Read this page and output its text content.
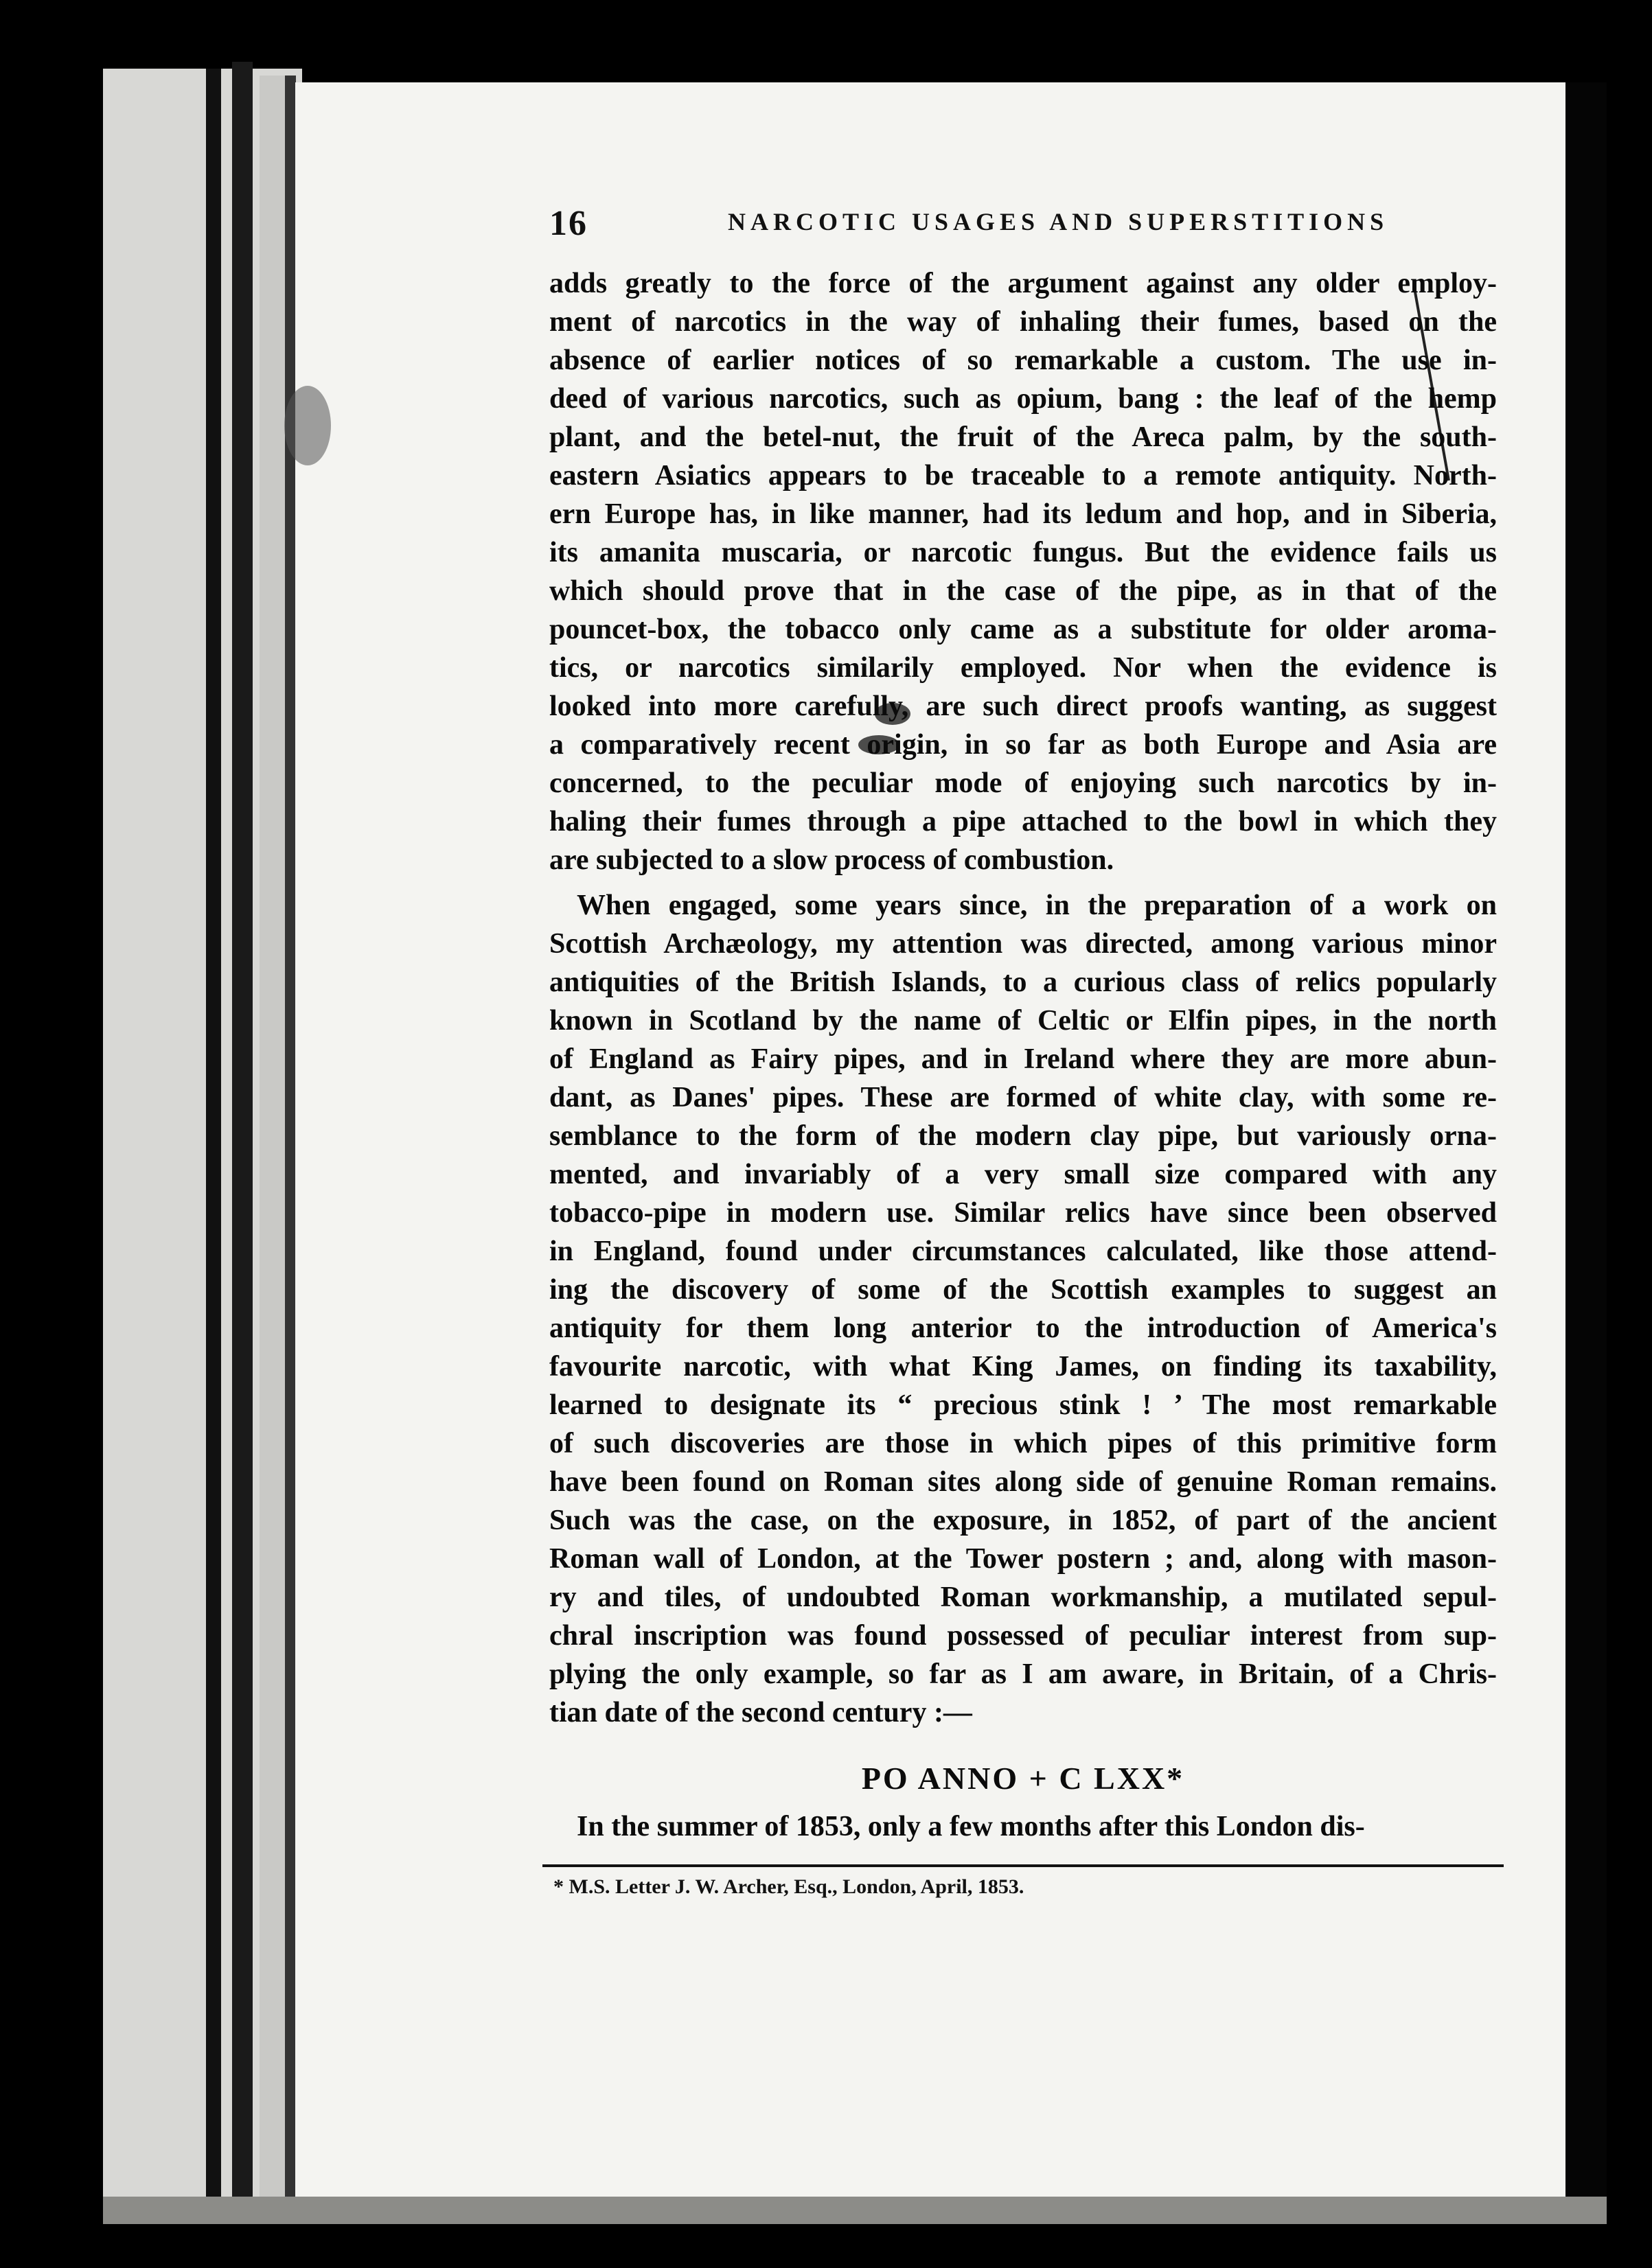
16	NARCOTIC USAGES AND SUPERSTITIONS
adds greatly to the force of the argument against any older employ-
ment of narcotics in the way of inhaling their fumes, based on the
absence of earlier notices of so remarkable a custom. The use in-
deed of various narcotics, such as opium, bang : the leaf of the hemp
plant, and the betel-nut, the fruit of the Areca palm, by the south-
eastern Asiatics appears to be traceable to a remote antiquity. North-
ern Europe has, in like manner, had its ledum and hop, and in Siberia,
its amanita muscaria, or narcotic fungus. But the evidence fails us
which should prove that in the case of the pipe, as in that of the
pouncet-box, the tobacco only came as a substitute for older aroma-
tics, or narcotics similarily employed. Nor when the evidence is
looked into more carefully, are such direct proofs wanting, as suggest
a comparatively recent origin, in so far as both Europe and Asia are
concerned, to the peculiar mode of enjoying such narcotics by in-
haling their fumes through a pipe attached to the bowl in which they
are subjected to a slow process of combustion.
When engaged, some years since, in the preparation of a work on
Scottish Archæology, my attention was directed, among various minor
antiquities of the British Islands, to a curious class of relics popularly
known in Scotland by the name of Celtic or Elfin pipes, in the north
of England as Fairy pipes, and in Ireland where they are more abun-
dant, as Danes' pipes. These are formed of white clay, with some re-
semblance to the form of the modern clay pipe, but variously orna-
mented, and invariably of a very small size compared with any
tobacco-pipe in modern use. Similar relics have since been observed
in England, found under circumstances calculated, like those attend-
ing the discovery of some of the Scottish examples to suggest an
antiquity for them long anterior to the introduction of America's
favourite narcotic, with what King James, on finding its taxability,
learned to designate its “ precious stink ! ’ The most remarkable
of such discoveries are those in which pipes of this primitive form
have been found on Roman sites along side of genuine Roman remains.
Such was the case, on the exposure, in 1852, of part of the ancient
Roman wall of London, at the Tower postern ; and, along with mason-
ry and tiles, of undoubted Roman workmanship, a mutilated sepul-
chral inscription was found possessed of peculiar interest from sup-
plying the only example, so far as I am aware, in Britain, of a Chris-
tian date of the second century :—
PO ANNO + C LXX*
In the summer of 1853, only a few months after this London dis-
* M.S. Letter J. W. Archer, Esq., London, April, 1853.
